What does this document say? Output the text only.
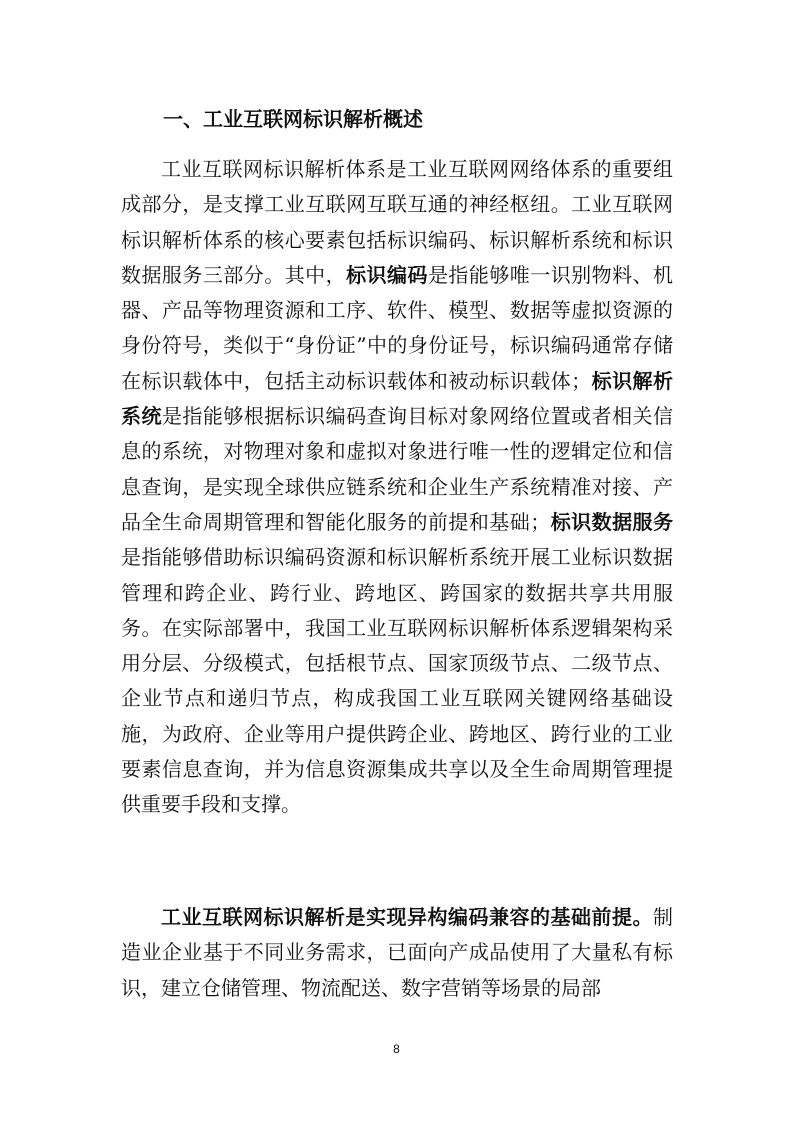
一、工业互联网标识解析概述

工业互联网标识解析体系是工业互联网网络体系的重要组成部分，是支撑工业互联网互联互通的神经枢纽。工业互联网标识解析体系的核心要素包括标识编码、标识解析系统和标识数据服务三部分。其中，标识编码是指能够唯一识别物料、机器、产品等物理资源和工序、软件、模型、数据等虚拟资源的身份符号，类似于“身份证”中的身份证号，标识编码通常存储在标识载体中，包括主动标识载体和被动标识载体；标识解析系统是指能够根据标识编码查询目标对象网络位置或者相关信息的系统，对物理对象和虚拟对象进行唯一性的逻辑定位和信息查询，是实现全球供应链系统和企业生产系统精准对接、产品全生命周期管理和智能化服务的前提和基础；标识数据服务是指能够借助标识编码资源和标识解析系统开展工业标识数据管理和跨企业、跨行业、跨地区、跨国家的数据共享共用服务。在实际部署中，我国工业互联网标识解析体系逻辑架构采用分层、分级模式，包括根节点、国家顶级节点、二级节点、企业节点和递归节点，构成我国工业互联网关键网络基础设施，为政府、企业等用户提供跨企业、跨地区、跨行业的工业要素信息查询，并为信息资源集成共享以及全生命周期管理提供重要手段和支撑。

工业互联网标识解析是实现异构编码兼容的基础前提。制造业企业基于不同业务需求，已面向产成品使用了大量私有标识，建立仓储管理、物流配送、数字营销等场景的局部

8
